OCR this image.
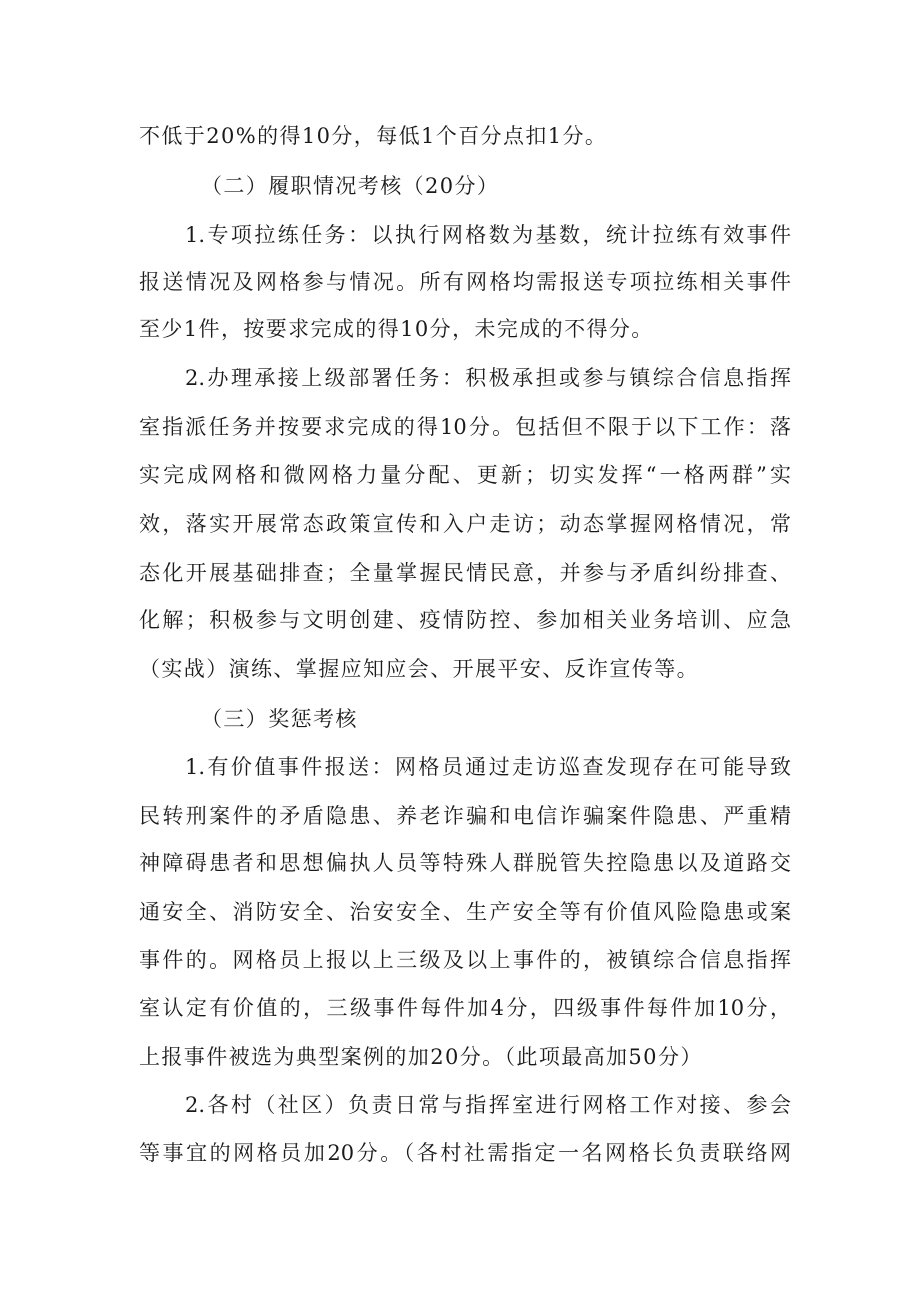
不低于20%的得10分，每低1个百分点扣1分。
（二）履职情况考核（20分）
1.专项拉练任务：以执行网格数为基数，统计拉练有效事件
报送情况及网格参与情况。所有网格均需报送专项拉练相关事件
至少1件，按要求完成的得10分，未完成的不得分。
2.办理承接上级部署任务：积极承担或参与镇综合信息指挥
室指派任务并按要求完成的得10分。包括但不限于以下工作：落
实完成网格和微网格力量分配、更新；切实发挥“一格两群”实
效，落实开展常态政策宣传和入户走访；动态掌握网格情况，常
态化开展基础排查；全量掌握民情民意，并参与矛盾纠纷排查、
化解；积极参与文明创建、疫情防控、参加相关业务培训、应急
（实战）演练、掌握应知应会、开展平安、反诈宣传等。
（三）奖惩考核
1.有价值事件报送：网格员通过走访巡查发现存在可能导致
民转刑案件的矛盾隐患、养老诈骗和电信诈骗案件隐患、严重精
神障碍患者和思想偏执人员等特殊人群脱管失控隐患以及道路交
通安全、消防安全、治安安全、生产安全等有价值风险隐患或案
事件的。网格员上报以上三级及以上事件的，被镇综合信息指挥
室认定有价值的，三级事件每件加4分，四级事件每件加10分，
上报事件被选为典型案例的加20分。（此项最高加50分）
2.各村（社区）负责日常与指挥室进行网格工作对接、参会
等事宜的网格员加20分。（各村社需指定一名网格长负责联络网
